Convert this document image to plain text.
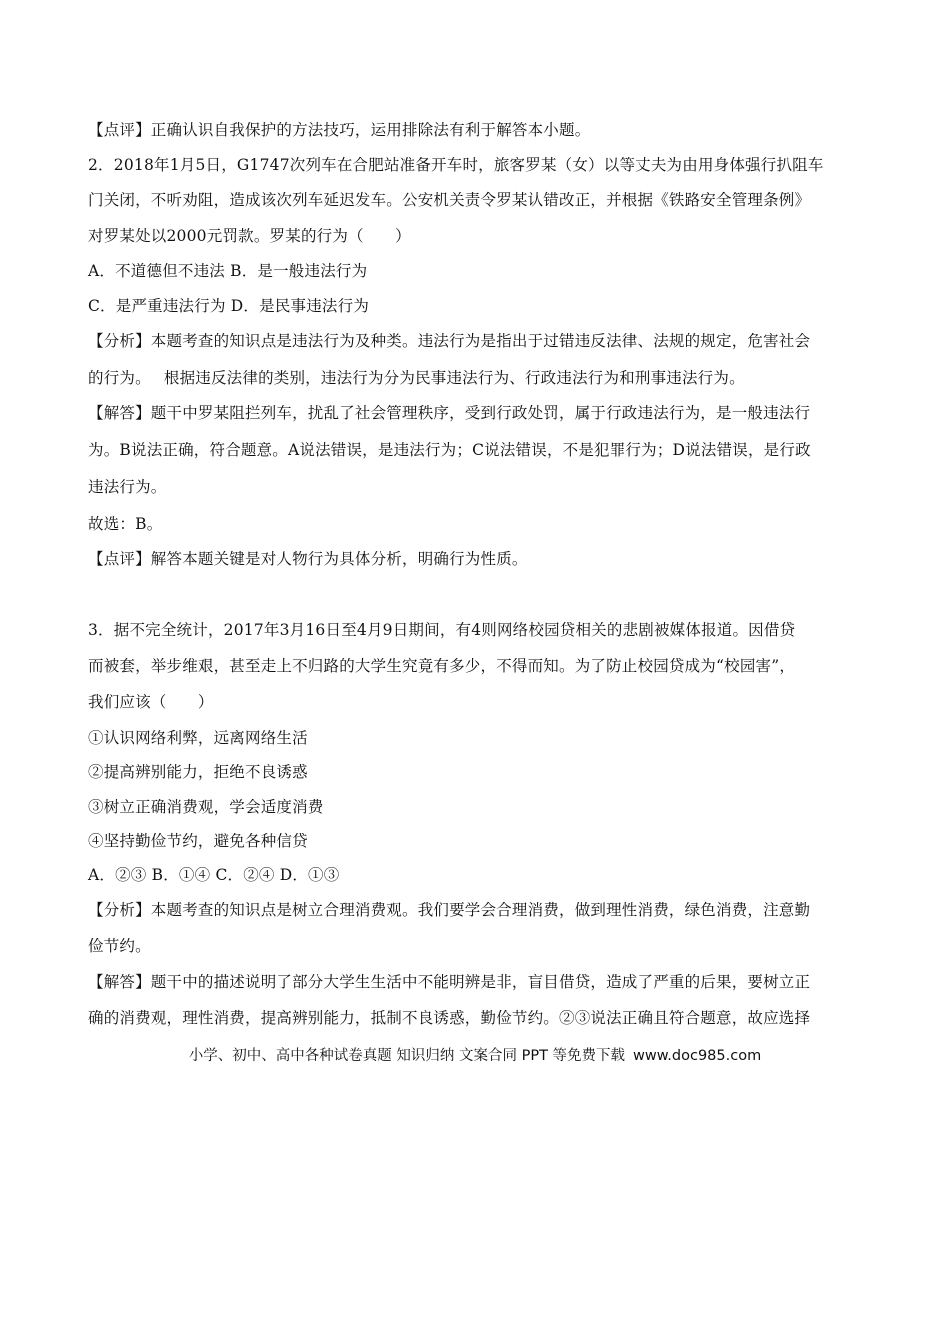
【点评】正确认识自我保护的方法技巧，运用排除法有利于解答本小题。
2．2018年1月5日，G1747次列车在合肥站准备开车时，旅客罗某（女）以等丈夫为由用身体强行扒阻车
门关闭，不听劝阻，造成该次列车延迟发车。公安机关责令罗某认错改正，并根据《铁路安全管理条例》
对罗某处以2000元罚款。罗某的行为（　　）
A．不道德但不违法 B．是一般违法行为
C．是严重违法行为 D．是民事违法行为
【分析】本题考查的知识点是违法行为及种类。违法行为是指出于过错违反法律、法规的规定，危害社会
的行为。　 根据违反法律的类别，违法行为分为民事违法行为、行政违法行为和刑事违法行为。
【解答】题干中罗某阻拦列车，扰乱了社会管理秩序，受到行政处罚，属于行政违法行为，是一般违法行
为。B说法正确，符合题意。A说法错误，是违法行为；C说法错误，不是犯罪行为；D说法错误，是行政
违法行为。
故选：B。
【点评】解答本题关键是对人物行为具体分析，明确行为性质。
3．据不完全统计，2017年3月16日至4月9日期间，有4则网络校园贷相关的悲剧被媒体报道。因借贷
而被套，举步维艰，甚至走上不归路的大学生究竟有多少，不得而知。为了防止校园贷成为“校园害”，
我们应该（　　）
①认识网络利弊，远离网络生活
②提高辨别能力，拒绝不良诱惑
③树立正确消费观，学会适度消费
④坚持勤俭节约，避免各种信贷
A．②③ B．①④ C．②④ D．①③
【分析】本题考查的知识点是树立合理消费观。我们要学会合理消费，做到理性消费，绿色消费，注意勤
俭节约。
【解答】题干中的描述说明了部分大学生生活中不能明辨是非，盲目借贷，造成了严重的后果，要树立正
确的消费观，理性消费，提高辨别能力，抵制不良诱惑，勤俭节约。②③说法正确且符合题意，故应选择
小学、初中、高中各种试卷真题 知识归纳 文案合同 PPT 等免费下载 www.doc985.com
